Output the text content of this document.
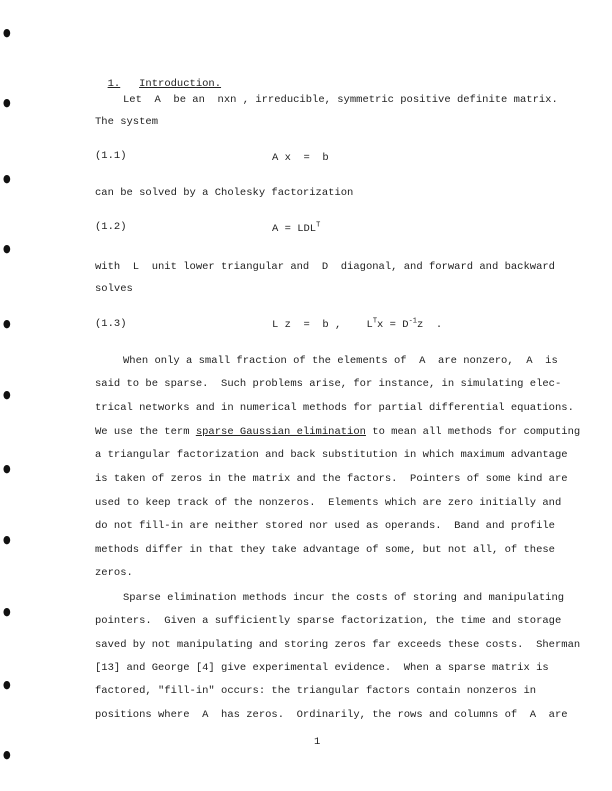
●
●
●
●
●
●
●
●
●
●
●

1. Introduction.

Let  A  be an  nxn , irreducible, symmetric positive definite matrix.
The system
(1.1)	A x  =  b
can be solved by a Cholesky factorization
(1.2)	$A = LDL^T$
with  L  unit lower triangular and  D  diagonal, and forward and backward
solves
(1.3)	L z  =  b , $L^Tx = D^{-1}z$  .
When only a small fraction of the elements of  A  are nonzero,  A  is
said to be sparse.  Such problems arise, for instance, in simulating elec-
trical networks and in numerical methods for partial differential equations.
We use the term sparse Gaussian elimination to mean all methods for computing
a triangular factorization and back substitution in which maximum advantage
is taken of zeros in the matrix and the factors.  Pointers of some kind are
used to keep track of the nonzeros.  Elements which are zero initially and
do not fill-in are neither stored nor used as operands.  Band and profile
methods differ in that they take advantage of some, but not all, of these
zeros.
Sparse elimination methods incur the costs of storing and manipulating
pointers.  Given a sufficiently sparse factorization, the time and storage
saved by not manipulating and storing zeros far exceeds these costs.  Sherman
[13] and George [4] give experimental evidence.  When a sparse matrix is
factored, "fill-in" occurs: the triangular factors contain nonzeros in
positions where  A  has zeros.  Ordinarily, the rows and columns of  A  are
1
